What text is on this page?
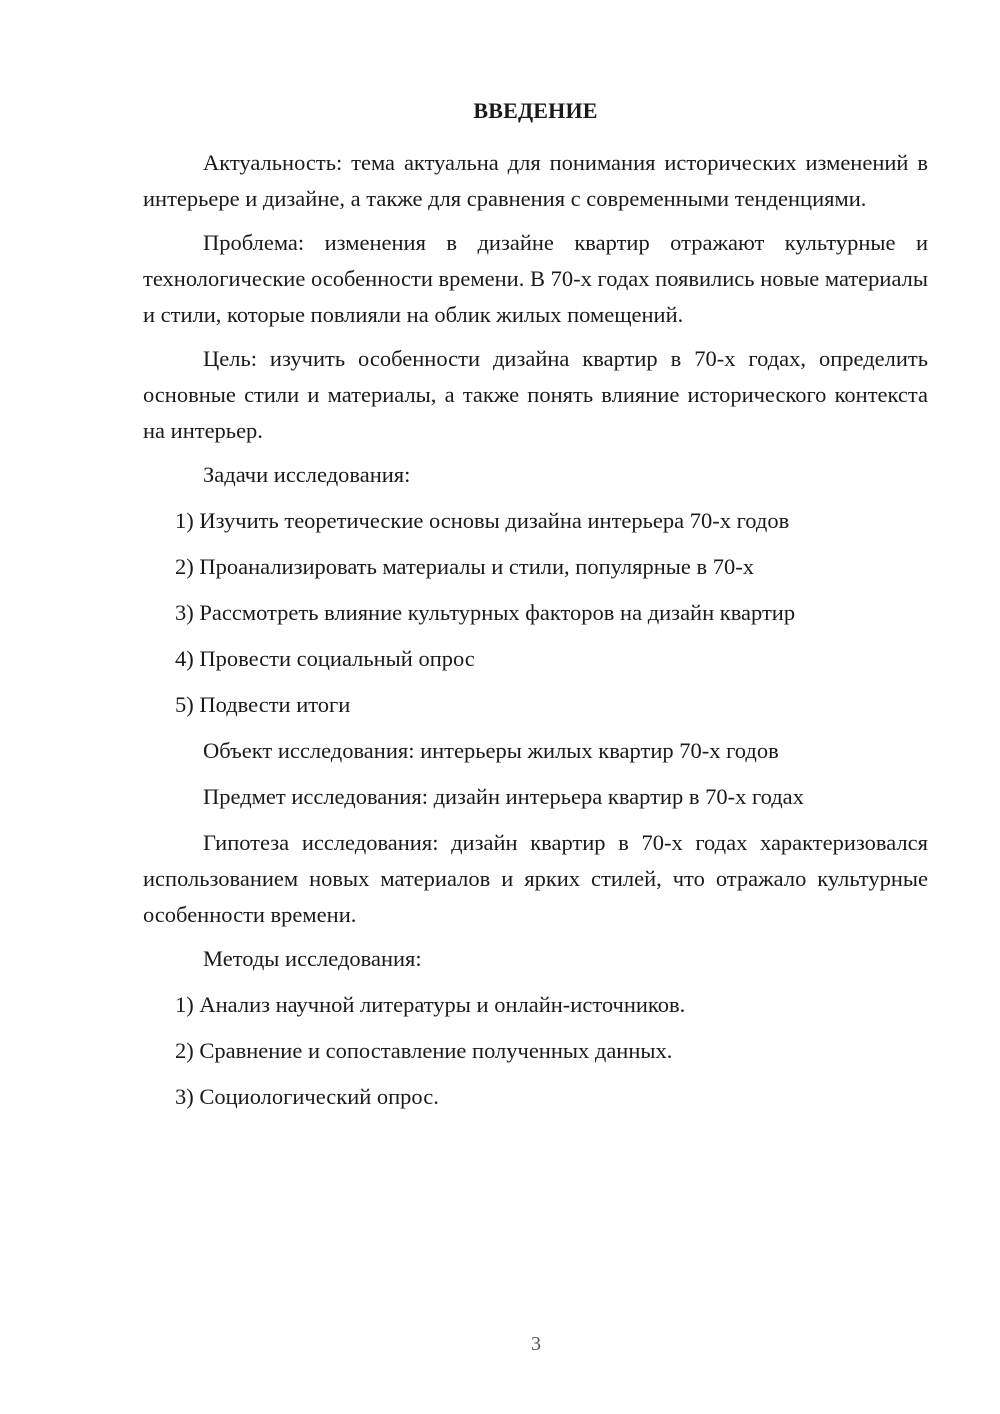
ВВЕДЕНИЕ

Актуальность: тема актуальна для понимания исторических изменений в интерьере и дизайне, а также для сравнения с современными тенденциями.

Проблема: изменения в дизайне квартир отражают культурные и технологические особенности времени. В 70-х годах появились новые материалы и стили, которые повлияли на облик жилых помещений.

Цель: изучить особенности дизайна квартир в 70-х годах, определить основные стили и материалы, а также понять влияние исторического контекста на интерьер.

Задачи исследования:

1) Изучить теоретические основы дизайна интерьера 70-х годов

2) Проанализировать материалы и стили, популярные в 70-х

3) Рассмотреть влияние культурных факторов на дизайн квартир

4) Провести социальный опрос

5) Подвести итоги

Объект исследования: интерьеры жилых квартир 70-х годов

Предмет исследования: дизайн интерьера квартир в 70-х годах

Гипотеза исследования: дизайн квартир в 70-х годах характеризовался использованием новых материалов и ярких стилей, что отражало культурные особенности времени.

Методы исследования:

1) Анализ научной литературы и онлайн-источников.

2) Сравнение и сопоставление полученных данных.

3) Социологический опрос.

3
